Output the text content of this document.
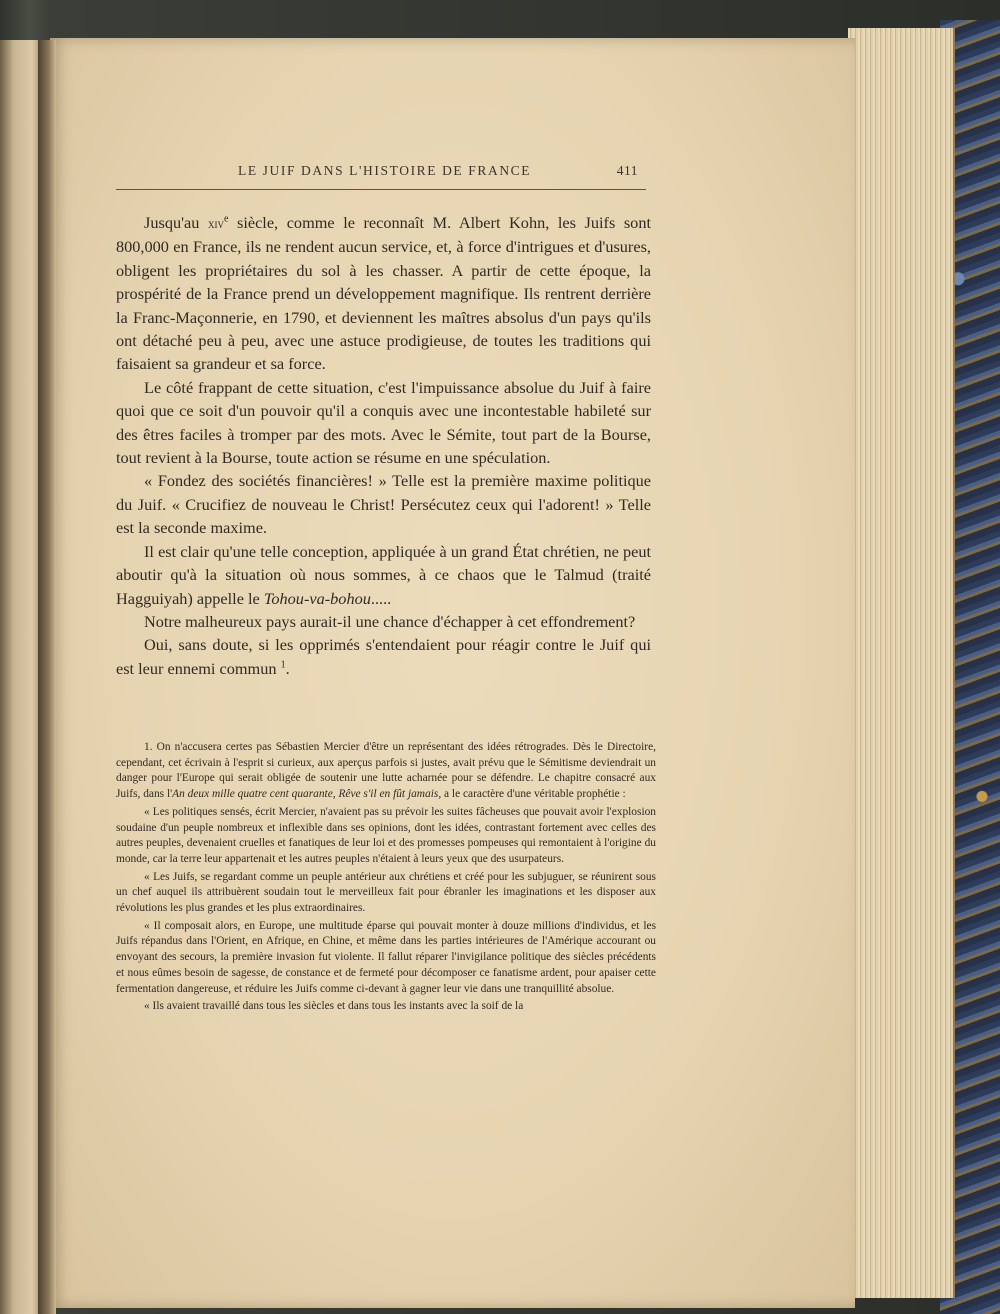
LE JUIF DANS L'HISTOIRE DE FRANCE	411

Jusqu'au xiv$^e$ siècle, comme le reconnaît M. Albert Kohn, les Juifs sont 800,000 en France, ils ne rendent aucun service, et, à force d'intrigues et d'usures, obligent les propriétaires du sol à les chasser. A partir de cette époque, la prospérité de la France prend un développement magnifique. Ils rentrent derrière la Franc-Maçonnerie, en 1790, et deviennent les maîtres absolus d'un pays qu'ils ont détaché peu à peu, avec une astuce prodigieuse, de toutes les traditions qui faisaient sa grandeur et sa force.

Le côté frappant de cette situation, c'est l'impuissance absolue du Juif à faire quoi que ce soit d'un pouvoir qu'il a conquis avec une incontestable habileté sur des êtres faciles à tromper par des mots. Avec le Sémite, tout part de la Bourse, tout revient à la Bourse, toute action se résume en une spéculation.

« Fondez des sociétés financières! » Telle est la première maxime politique du Juif. « Crucifiez de nouveau le Christ! Persécutez ceux qui l'adorent! » Telle est la seconde maxime.

Il est clair qu'une telle conception, appliquée à un grand État chrétien, ne peut aboutir qu'à la situation où nous sommes, à ce chaos que le Talmud (traité Hagguiyah) appelle le Tohou-va-bohou.....

Notre malheureux pays aurait-il une chance d'échapper à cet effondrement?

Oui, sans doute, si les opprimés s'entendaient pour réagir contre le Juif qui est leur ennemi commun $^1$.

1. On n'accusera certes pas Sébastien Mercier d'être un représentant des idées rétrogrades. Dès le Directoire, cependant, cet écrivain à l'esprit si curieux, aux aperçus parfois si justes, avait prévu que le Sémitisme deviendrait un danger pour l'Europe qui serait obligée de soutenir une lutte acharnée pour se défendre. Le chapitre consacré aux Juifs, dans l'An deux mille quatre cent quarante, Rêve s'il en fût jamais, a le caractère d'une véritable prophétie :

« Les politiques sensés, écrit Mercier, n'avaient pas su prévoir les suites fâcheuses que pouvait avoir l'explosion soudaine d'un peuple nombreux et inflexible dans ses opinions, dont les idées, contrastant fortement avec celles des autres peuples, devenaient cruelles et fanatiques de leur loi et des promesses pompeuses qui remontaient à l'origine du monde, car la terre leur appartenait et les autres peuples n'étaient à leurs yeux que des usurpateurs.

« Les Juifs, se regardant comme un peuple antérieur aux chrétiens et créé pour les subjuguer, se réunirent sous un chef auquel ils attribuèrent soudain tout le merveilleux fait pour ébranler les imaginations et les disposer aux révolutions les plus grandes et les plus extraordinaires.

« Il composait alors, en Europe, une multitude éparse qui pouvait monter à douze millions d'individus, et les Juifs répandus dans l'Orient, en Afrique, en Chine, et même dans les parties intérieures de l'Amérique accourant ou envoyant des secours, la première invasion fut violente. Il fallut réparer l'invigilance politique des siècles précédents et nous eûmes besoin de sagesse, de constance et de fermeté pour décomposer ce fanatisme ardent, pour apaiser cette fermentation dangereuse, et réduire les Juifs comme ci-devant à gagner leur vie dans une tranquillité absolue.

« Ils avaient travaillé dans tous les siècles et dans tous les instants avec la soif de la
